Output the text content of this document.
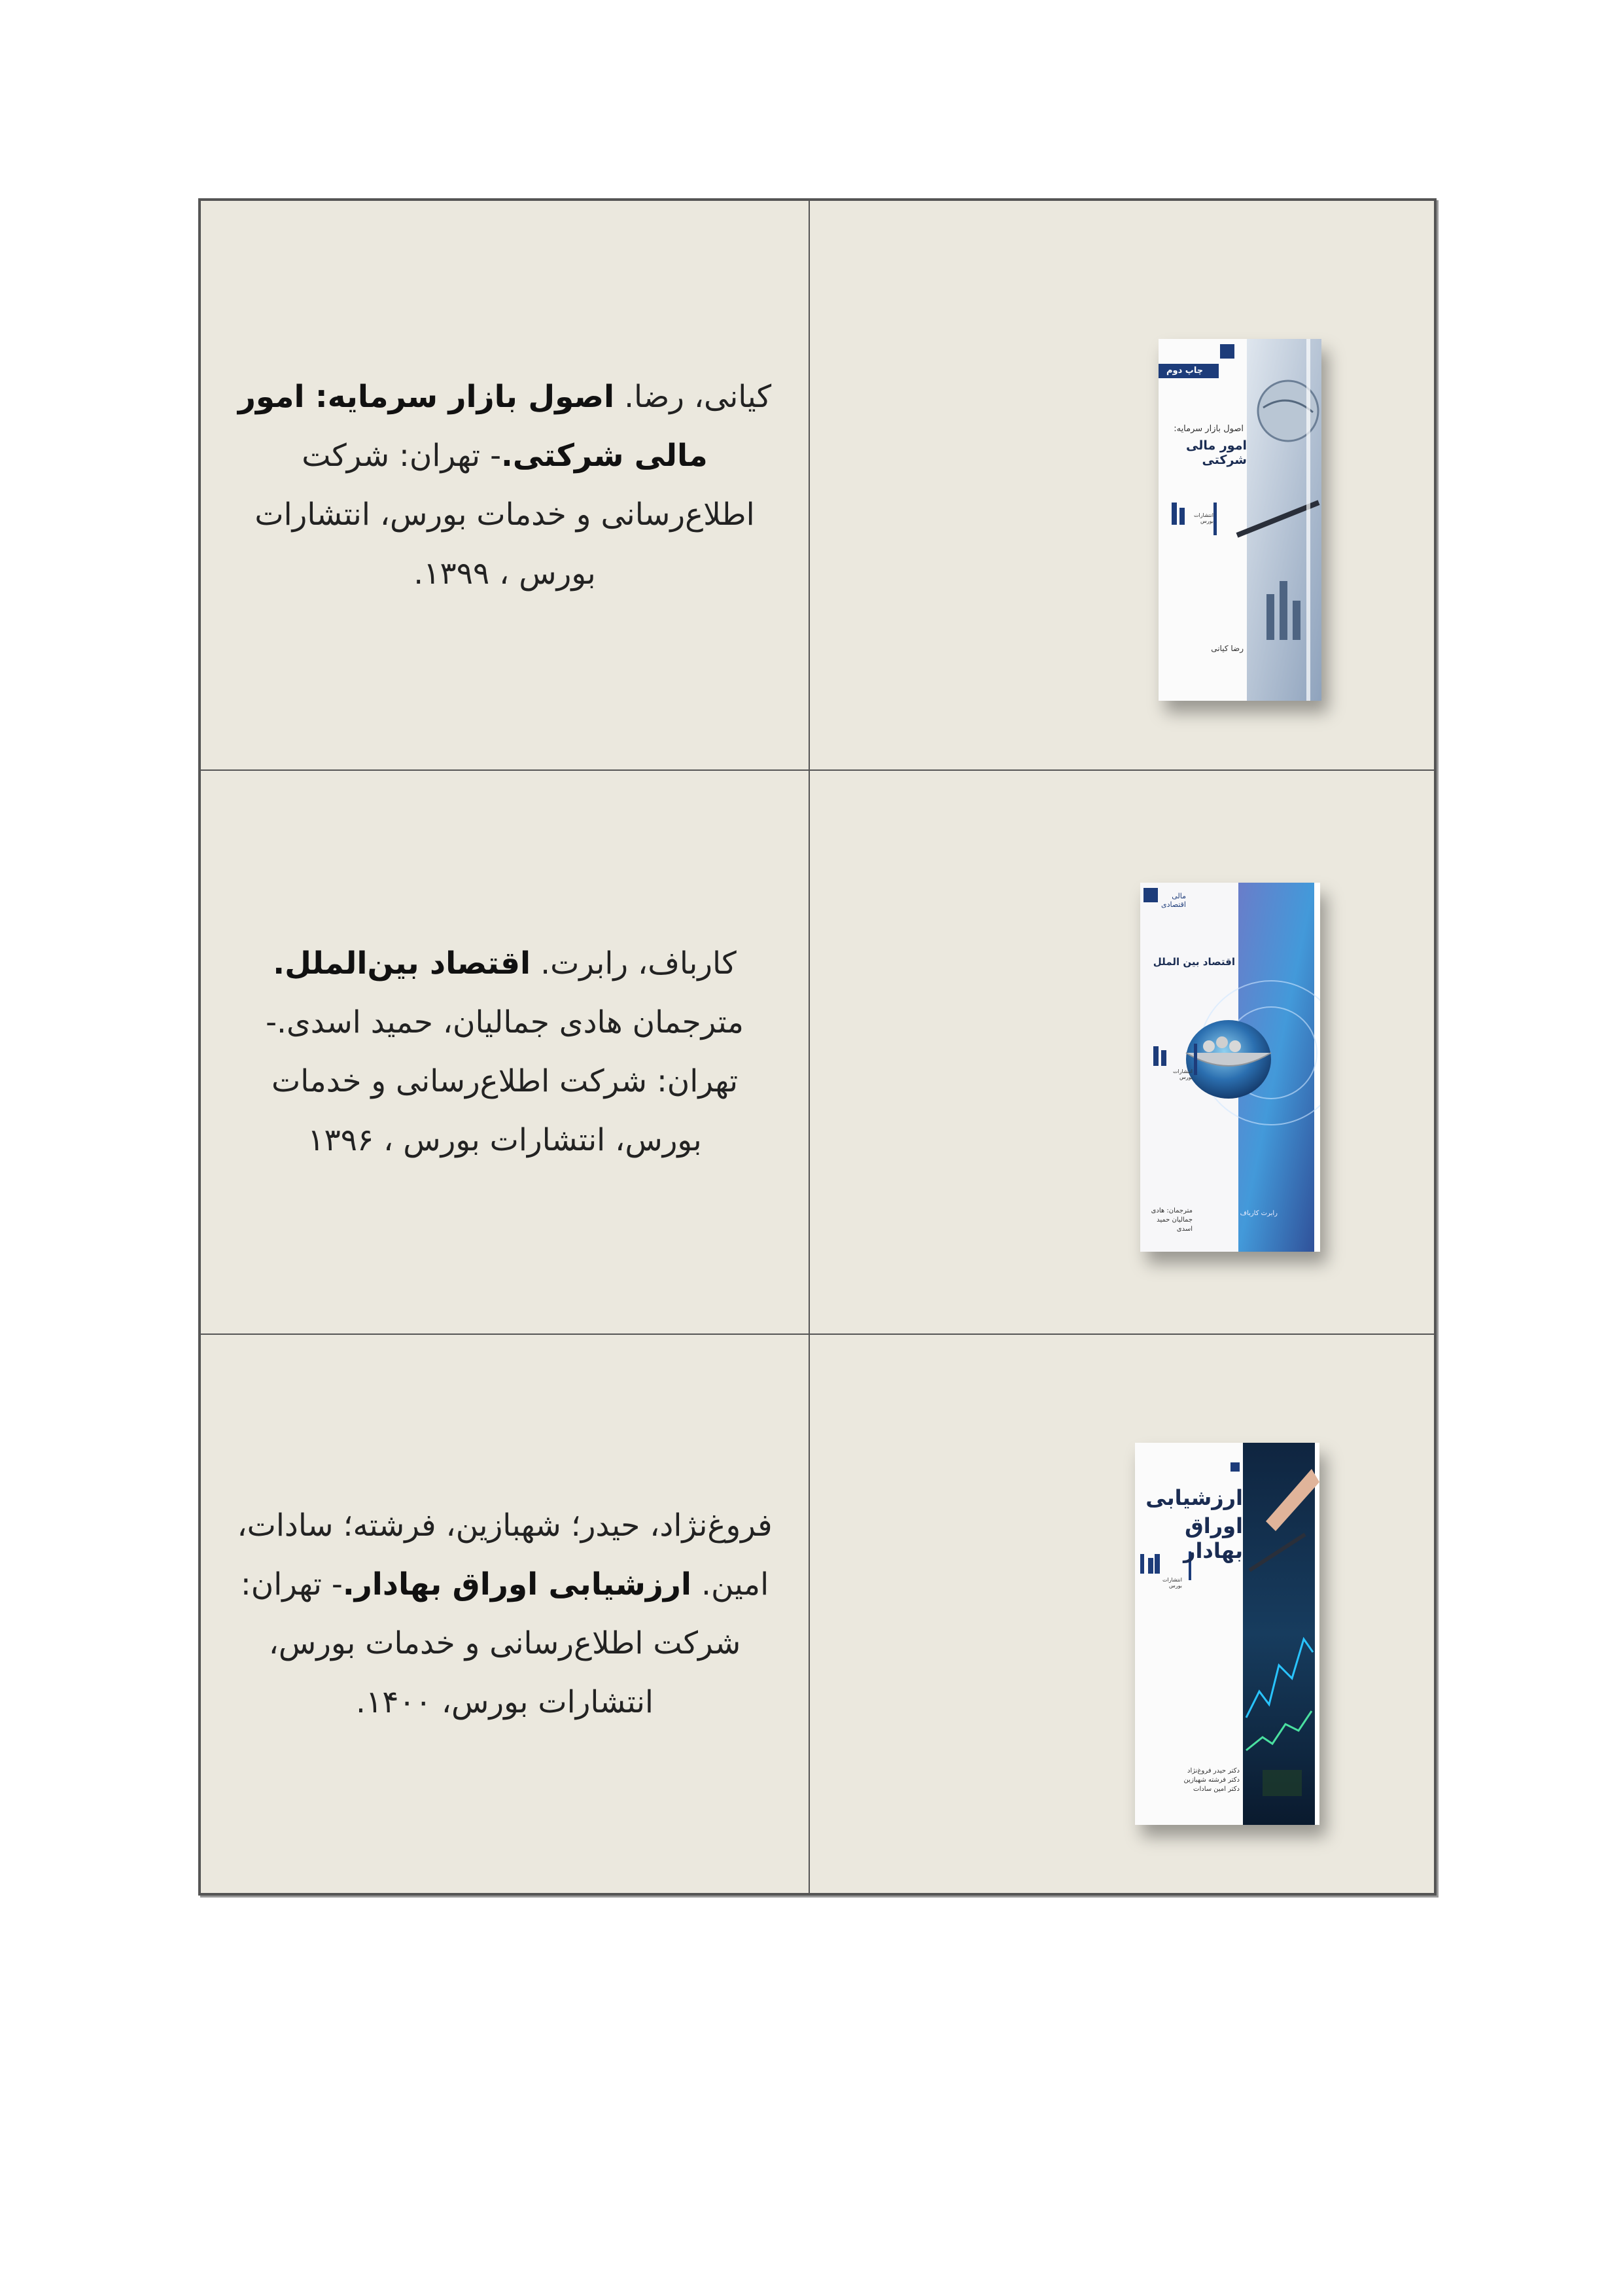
کیانی، رضا. اصول بازار سرمایه: امور مالی شرکتی.- تهران: شرکت اطلاع‌رسانی و خدمات بورس، انتشارات بورس ، ۱۳۹۹.
چاپ دوم
اصول بازار سرمایه:
امور مالی شرکتی
انتشارات بورس
رضا کیانی
کارباف، رابرت. اقتصاد بین‌الملل. مترجمان هادی جمالیان، حمید اسدی.- تهران: شرکت اطلاع‌رسانی و خدمات بورس، انتشارات بورس ، ۱۳۹۶
اقتصاد بین الملل
انتشارات بورس
رابرت کارباف
مترجمان: هادی جمالیان حمید اسدی
فروغ‌نژاد، حیدر؛ شهبازین، فرشته؛ سادات، امین. ارزشیابی اوراق بهادار.- تهران: شرکت اطلاع‌رسانی و خدمات بورس، انتشارات بورس، ۱۴۰۰.
ارزشیابی
اوراق بهادار
انتشارات بورس
دکتر حیدر فروغ‌نژاد دکتر فرشته شهبازین دکتر امین سادات
